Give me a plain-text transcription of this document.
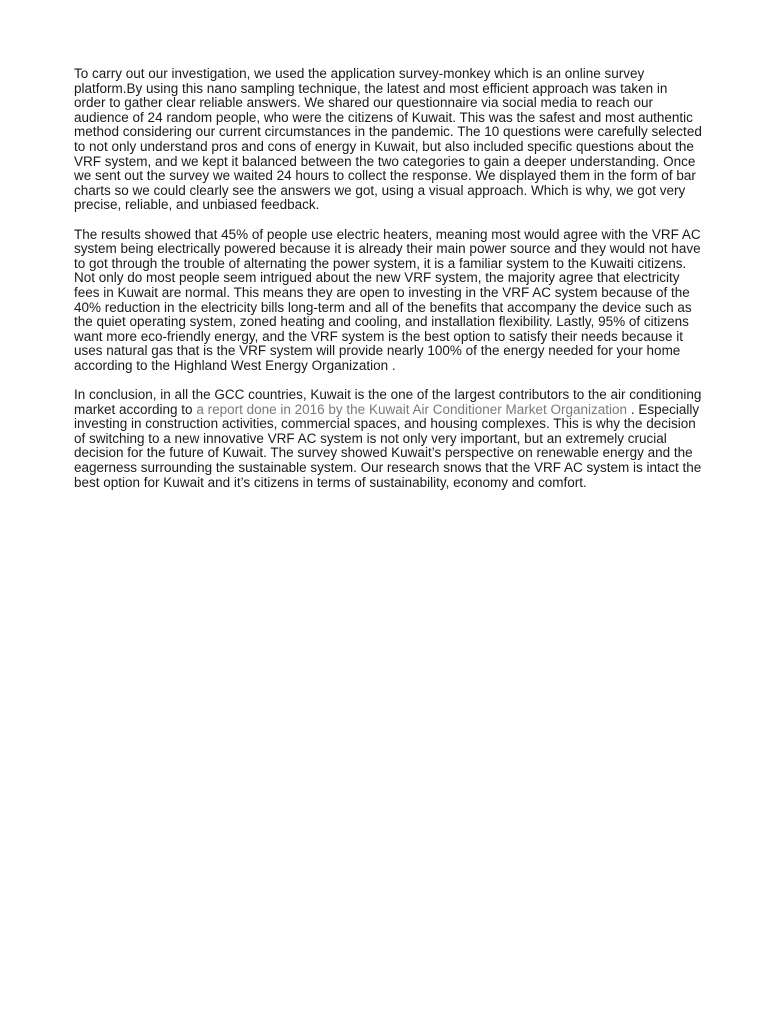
To carry out our investigation, we used the application survey-monkey which is an online survey platform.By using this nano sampling technique, the latest and most efficient approach was taken in order to gather clear reliable answers. We shared our questionnaire via social media to reach our audience of 24 random people, who were the citizens of Kuwait. This was the safest and most authentic method considering our current circumstances in the pandemic. The 10 questions were carefully selected to not only understand pros and cons of energy in Kuwait, but also included specific questions about the VRF system, and we kept it balanced between the two categories to gain a deeper understanding. Once we sent out the survey we waited 24 hours to collect the response. We displayed them in the form of bar charts so we could clearly see the answers we got, using a visual approach. Which is why, we got very precise, reliable, and unbiased feedback.

The results showed that 45% of people use electric heaters, meaning most would agree with the VRF AC system being electrically powered because it is already their main power source and they would not have to got through the trouble of alternating the power system, it is a familiar system to the Kuwaiti citizens. Not only do most people seem intrigued about the new VRF system, the majority agree that electricity fees in Kuwait are normal. This means they are open to investing in the VRF AC system because of the 40% reduction in the electricity bills long-term and all of the benefits that accompany the device such as the quiet operating system, zoned heating and cooling, and installation flexibility. Lastly, 95% of citizens want more eco-friendly energy, and the VRF system is the best option to satisfy their needs because it uses natural gas that is the VRF system will provide nearly 100% of the energy needed for your home according to the Highland West Energy Organization .

In conclusion, in all the GCC countries, Kuwait is the one of the largest contributors to the air conditioning market according to a report done in 2016 by the Kuwait Air Conditioner Market Organization . Especially investing in construction activities, commercial spaces, and housing complexes. This is why the decision of switching to a new innovative VRF AC system is not only very important, but an extremely crucial decision for the future of Kuwait. The survey showed Kuwait’s perspective on renewable energy and the eagerness surrounding the sustainable system. Our research snows that the VRF AC system is intact the best option for Kuwait and it’s citizens in terms of sustainability, economy and comfort.
